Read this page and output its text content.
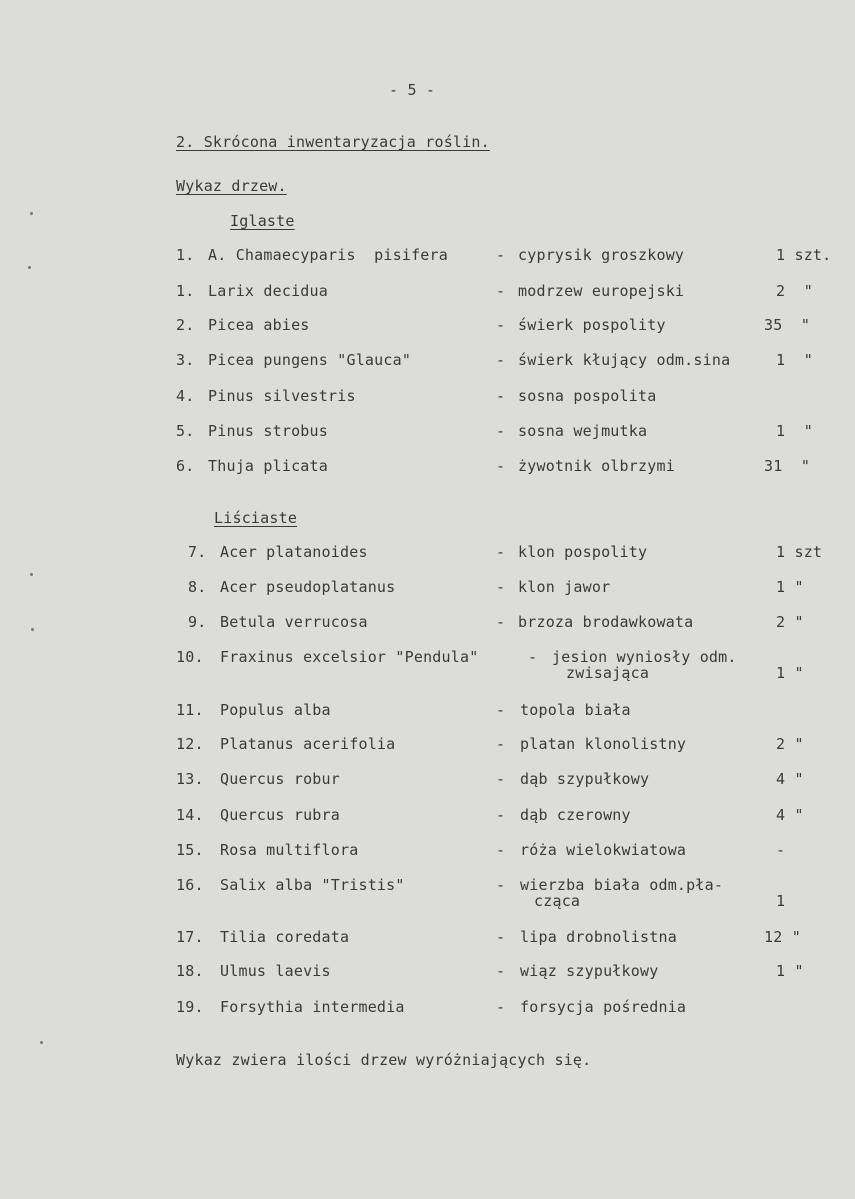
- 5 -
2. Skrócona inwentaryzacja roślin.
Wykaz drzew.
Iglaste
1. A. Chamaecyparis  pisifera	- cyprysik groszkowy	1 szt.
1. Larix decidua	- modrzew europejski	2  "
2. Picea abies	- świerk pospolity	35  "
3. Picea pungens "Glauca"	- świerk kłujący odm.sina	1  "
4. Pinus silvestris	- sosna pospolita
5. Pinus strobus	- sosna wejmutka	1  "
6. Thuja plicata	- żywotnik olbrzymi	31  "
Liściaste
7. Acer platanoides	- klon pospolity	1 szt
8. Acer pseudoplatanus	- klon jawor	1 "
9. Betula verrucosa	- brzoza brodawkowata	2 "
10. Fraxinus excelsior "Pendula"	- jesion wyniosły odm.
zwisająca	1 "
11. Populus alba	- topola biała
12. Platanus acerifolia	- platan klonolistny	2 "
13. Quercus robur	- dąb szypułkowy	4 "
14. Quercus rubra	- dąb czerowny	4 "
15. Rosa multiflora	- róża wielokwiatowa	-
16. Salix alba "Tristis"	- wierzba biała odm.pła-
cząca	1
17. Tilia coredata	- lipa drobnolistna	12 "
18. Ulmus laevis	- wiąz szypułkowy	1 "
19. Forsythia intermedia	- forsycja pośrednia
Wykaz zwiera ilości drzew wyróżniających się.
